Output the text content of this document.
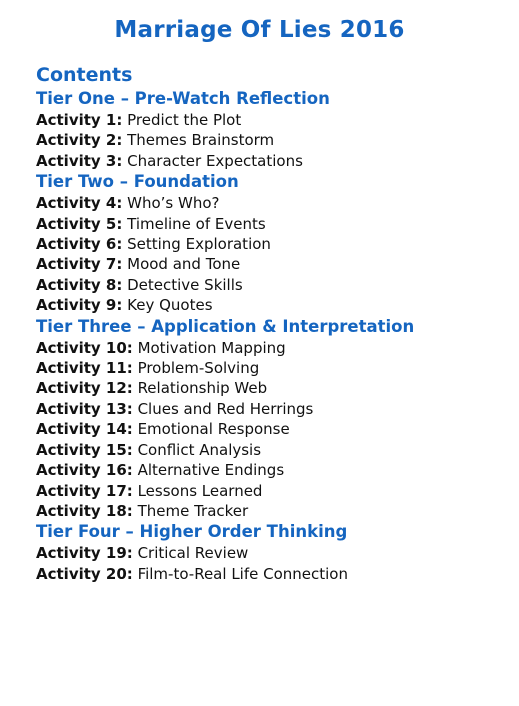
Marriage Of Lies 2016
Contents
Tier One – Pre-Watch Reflection
Activity 1: Predict the Plot
Activity 2: Themes Brainstorm
Activity 3: Character Expectations
Tier Two – Foundation
Activity 4: Who’s Who?
Activity 5: Timeline of Events
Activity 6: Setting Exploration
Activity 7: Mood and Tone
Activity 8: Detective Skills
Activity 9: Key Quotes
Tier Three – Application & Interpretation
Activity 10: Motivation Mapping
Activity 11: Problem-Solving
Activity 12: Relationship Web
Activity 13: Clues and Red Herrings
Activity 14: Emotional Response
Activity 15: Conflict Analysis
Activity 16: Alternative Endings
Activity 17: Lessons Learned
Activity 18: Theme Tracker
Tier Four – Higher Order Thinking
Activity 19: Critical Review
Activity 20: Film-to-Real Life Connection
